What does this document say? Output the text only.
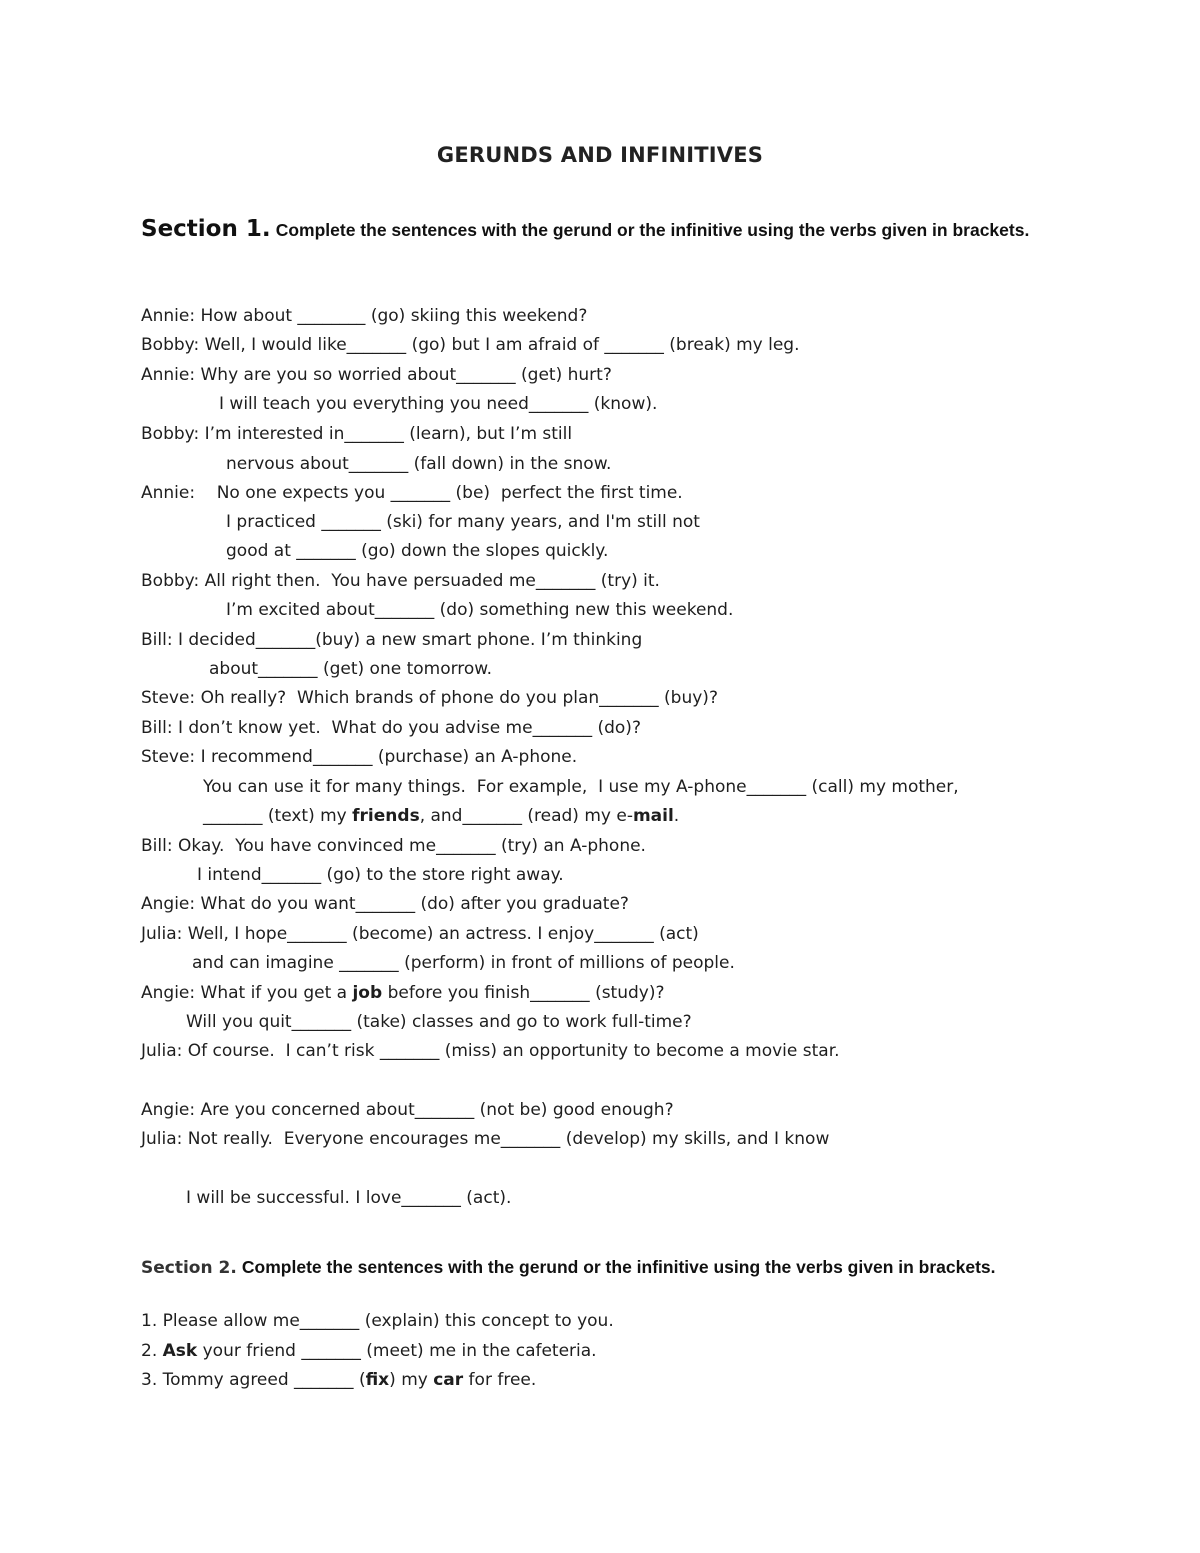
GERUNDS AND INFINITIVES
Section 1. Complete the sentences with the gerund or the infinitive using the verbs given in brackets.
Annie: How about ________ (go) skiing this weekend?
Bobby: Well, I would like_______ (go) but I am afraid of _______ (break) my leg.
Annie: Why are you so worried about_______ (get) hurt?
I will teach you everything you need_______ (know).
Bobby: I’m interested in_______ (learn), but I’m still
nervous about_______ (fall down) in the snow.
Annie:    No one expects you _______ (be)  perfect the first time.
I practiced _______ (ski) for many years, and I'm still not
good at _______ (go) down the slopes quickly.
Bobby: All right then.  You have persuaded me_______ (try) it.
I’m excited about_______ (do) something new this weekend.
Bill: I decided_______(buy) a new smart phone. I’m thinking
about_______ (get) one tomorrow.
Steve: Oh really?  Which brands of phone do you plan_______ (buy)?
Bill: I don’t know yet.  What do you advise me_______ (do)?
Steve: I recommend_______ (purchase) an A-phone.
You can use it for many things.  For example,  I use my A-phone_______ (call) my mother,
_______ (text) my friends, and_______ (read) my e-mail.
Bill: Okay.  You have convinced me_______ (try) an A-phone.
I intend_______ (go) to the store right away.
Angie: What do you want_______ (do) after you graduate?
Julia: Well, I hope_______ (become) an actress. I enjoy_______ (act)
and can imagine _______ (perform) in front of millions of people.
Angie: What if you get a job before you finish_______ (study)?
Will you quit_______ (take) classes and go to work full-time?
Julia: Of course.  I can’t risk _______ (miss) an opportunity to become a movie star.
Angie: Are you concerned about_______ (not be) good enough?
Julia: Not really.  Everyone encourages me_______ (develop) my skills, and I know
I will be successful. I love_______ (act).
Section 2. Complete the sentences with the gerund or the infinitive using the verbs given in brackets.
1. Please allow me_______ (explain) this concept to you.
2. Ask your friend _______ (meet) me in the cafeteria.
3. Tommy agreed _______ (fix) my car for free.
